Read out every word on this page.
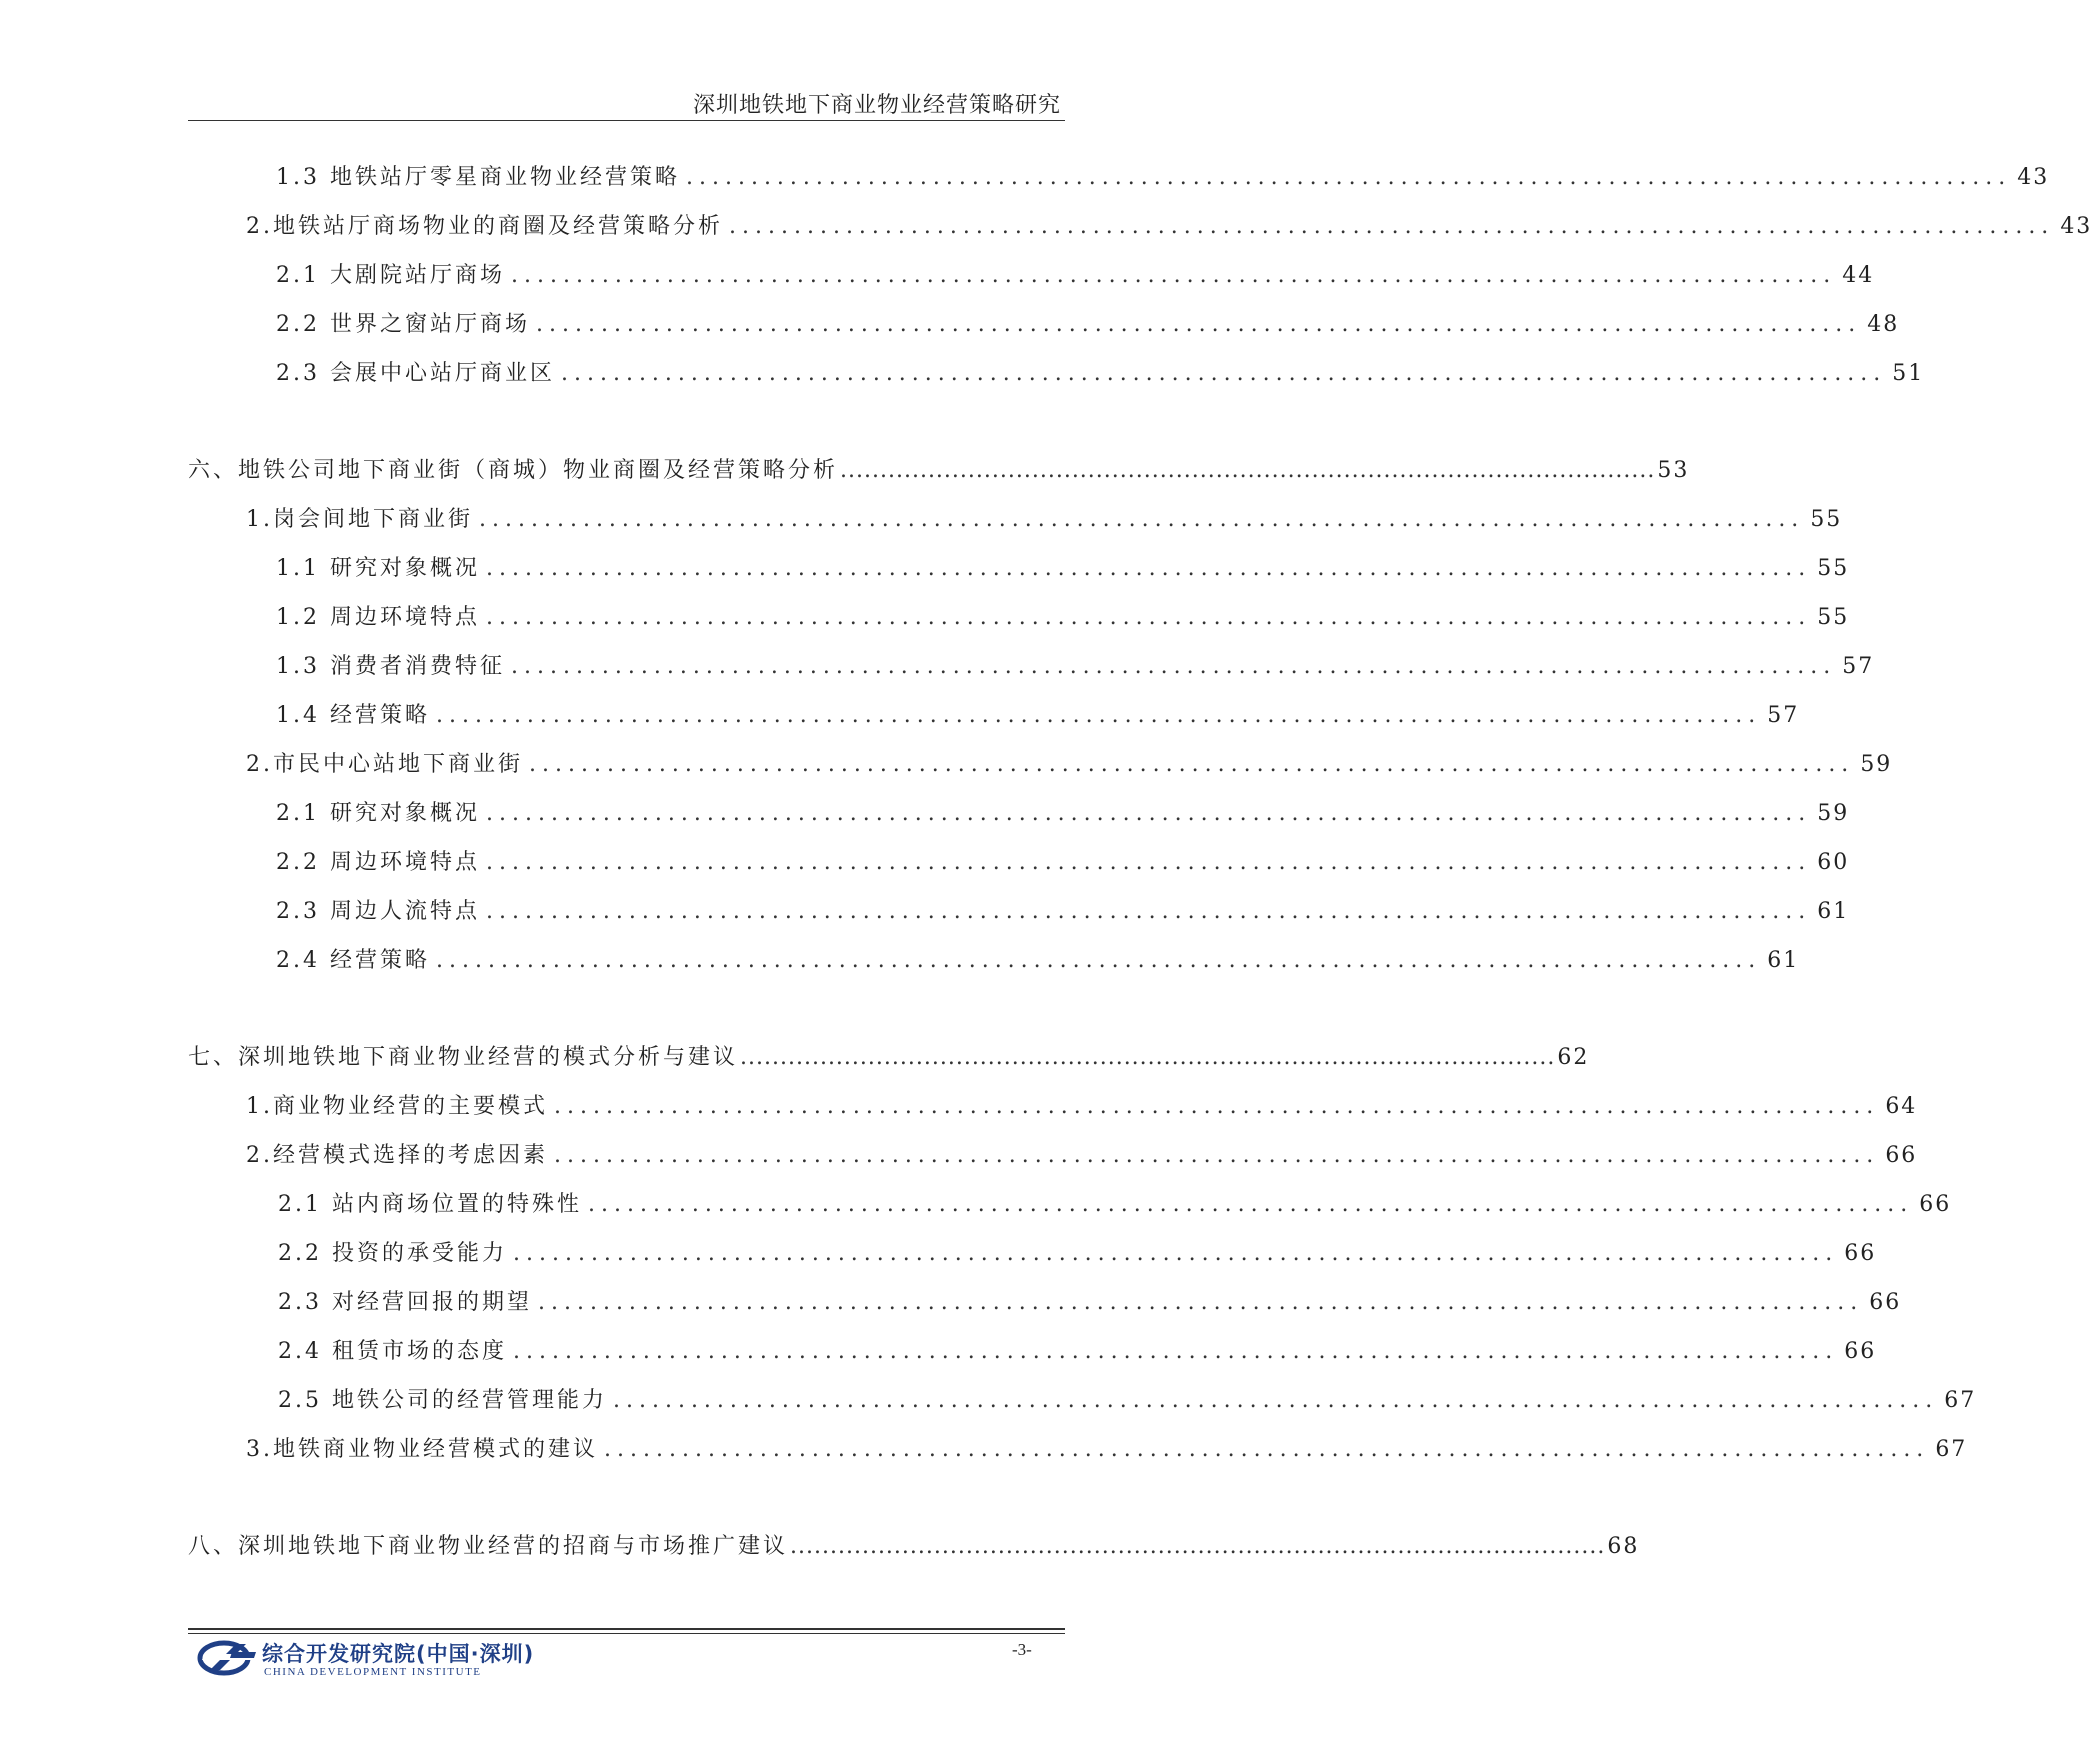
深圳地铁地下商业物业经营策略研究
1.3 地铁站厅零星商业物业经营策略 ...................................................................................................... 43
2.地铁站厅商场物业的商圈及经营策略分析 ...................................................................................................... 43
2.1 大剧院站厅商场 ...................................................................................................... 44
2.2 世界之窗站厅商场 ...................................................................................................... 48
2.3 会展中心站厅商业区 ...................................................................................................... 51
六、地铁公司地下商业街（商城）物业商圈及经营策略分析 ...................................................................................................... 53
1.岗会间地下商业街 ...................................................................................................... 55
1.1 研究对象概况 ...................................................................................................... 55
1.2 周边环境特点 ...................................................................................................... 55
1.3 消费者消费特征 ...................................................................................................... 57
1.4 经营策略 ...................................................................................................... 57
2.市民中心站地下商业街 ...................................................................................................... 59
2.1 研究对象概况 ...................................................................................................... 59
2.2 周边环境特点 ...................................................................................................... 60
2.3 周边人流特点 ...................................................................................................... 61
2.4 经营策略 ...................................................................................................... 61
七、深圳地铁地下商业物业经营的模式分析与建议 ...................................................................................................... 62
1.商业物业经营的主要模式 ...................................................................................................... 64
2.经营模式选择的考虑因素 ...................................................................................................... 66
2.1 站内商场位置的特殊性 ...................................................................................................... 66
2.2 投资的承受能力 ...................................................................................................... 66
2.3 对经营回报的期望 ...................................................................................................... 66
2.4 租赁市场的态度 ...................................................................................................... 66
2.5 地铁公司的经营管理能力 ...................................................................................................... 67
3.地铁商业物业经营模式的建议 ...................................................................................................... 67
八、深圳地铁地下商业物业经营的招商与市场推广建议 ...................................................................................................... 68
综合开发研究院(中国·深圳)
CHINA DEVELOPMENT INSTITUTE
-3-
